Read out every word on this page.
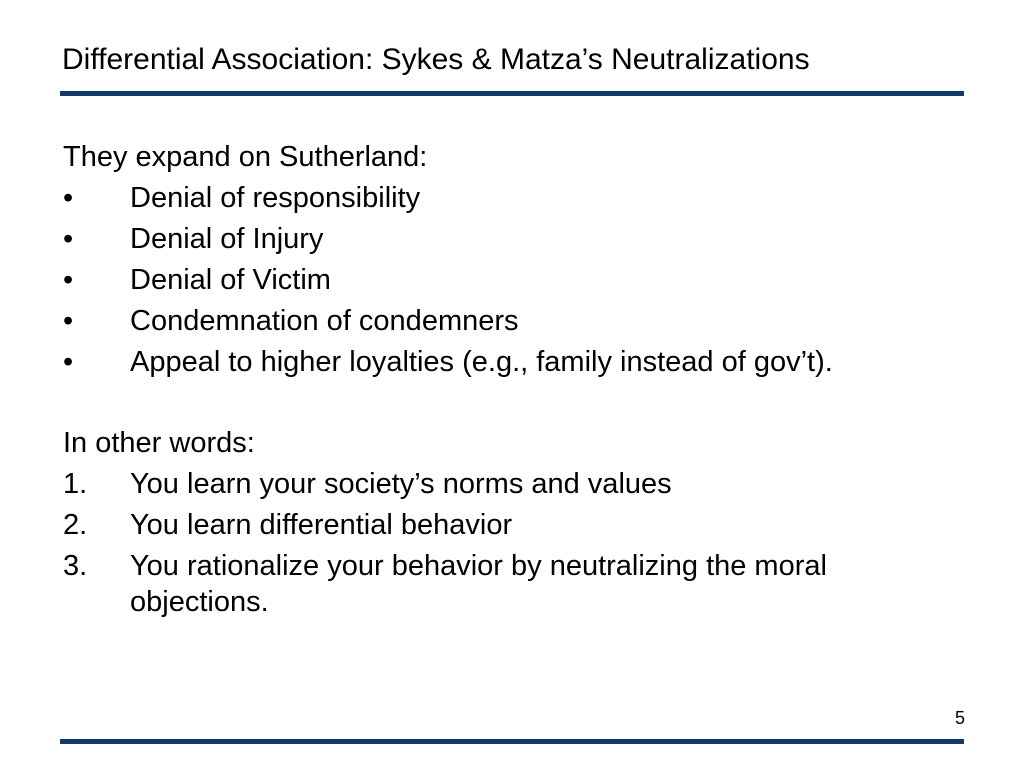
Differential Association: Sykes & Matza’s Neutralizations

They expand on Sutherland:

•	Denial of responsibility
•	Denial of Injury
•	Denial of Victim
•	Condemnation of condemners
•	Appeal to higher loyalties (e.g., family instead of gov’t).

In other words:

1.	You learn your society’s norms and values
2.	You learn differential behavior
3.	You rationalize your behavior by neutralizing the moral objections.
5
